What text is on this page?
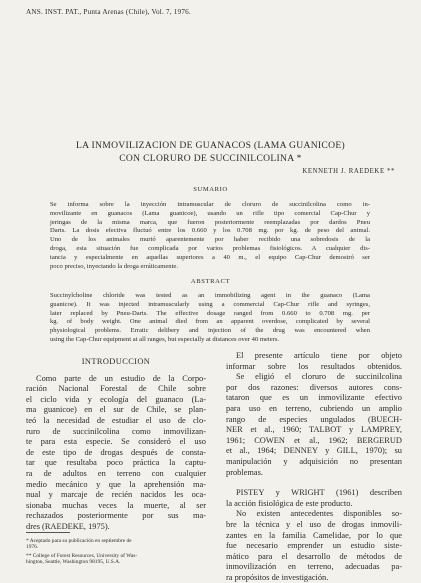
ANS. INST. PAT., Punta Arenas (Chile), Vol. 7, 1976.
LA INMOVILIZACION DE GUANACOS (LAMA GUANICOE)
CON CLORURO DE SUCCINILCOLINA *
KENNETH J. RAEDEKE **
SUMARIO
Se informa sobre la inyección intramuscular de cloruro de succinilcolina como in-
movilizante en guanacos (Lama guanicoe), usando un rifle tipo comercial Cap-Chur y
jeringas de la misma marca, que fueron posteriormente reemplazadas por dardos Pneu
Darts. La dosis efectiva fluctuó entre los 0.660 y los 0.708 mg. por kg. de peso del animal.
Uno de los animales murió aparentemente por haber recibido una sobredosis de la
droga, esta situación fue complicada por varios problemas fisiológicos. A cualquier dis-
tancia y especialmente en aquellas superiores a 40 m., el equipo Cap-Chur demostró ser
poco preciso, inyectando la droga erráticamente.
ABSTRACT
Succinylcholine chloride was tested as an immobilizing agent in the guanaco (Lama
guanicoe). It was injected intramuscularly using a commercial Cap-Chur rifle and syringes,
later replaced by Pneu-Darts. The effective dosage ranged from 0.660 to 0.708 mg. per
kg. of body weight. One animal died from an apparent overdose, complicated by several
physiological problems. Erratic delibery and injection of the drug was encountered when
using the Cap-Chur equipment at all ranges, but especially at distances over 40 meters.
INTRODUCCION
Como parte de un estudio de la Corpo-
ración Nacional Forestal de Chile sobre
el ciclo vida y ecología del guanaco (La-
ma guanicoe) en el sur de Chile, se plan-
teó la necesidad de estudiar el uso de clo-
ruro de succinilcolina como inmovilizan-
te para esta especie. Se consideró el uso
de este tipo de drogas después de consta-
tar que resultaba poco práctica la captu-
ra de adultos en terreno con cualquier
medio mecánico y que la aprehensión ma-
nual y marcaje de recién nacidos les oca-
sionaba muchas veces la muerte, al ser
rechazados posteriormente por sus ma-
dres (RAEDEKE, 1975).
El presente artículo tiene por objeto
informar sobre los resultados obtenidos.
Se eligió el cloruro de succinilcolina
por dos razones: diversos autores cons-
tataron que es un inmovilizante efectivo
para uso en terreno, cubriendo un amplio
rango de especies ungulados (BUECH-
NER et al., 1960; TALBOT y LAMPREY,
1961; COWEN et al., 1962; BERGERUD
et al., 1964; DENNEY y GILL, 1970); su
manipulación y adquisición no presentan
problemas.
PISTEY y WRIGHT (1961) describen
la acción fisiológica de este producto.
No existen antecedentes disponibles so-
bre la técnica y el uso de drogas inmovili-
zantes en la familia Camelidae, por lo que
fue necesario emprender un estudio siste-
mático para el desarrollo de métodos de
inmovilización en terreno, adecuadas pa-
ra propósitos de investigación.
* Aceptado para su publicación en septiembre de
1976.
** College of Forest Resources, University of Was-
hington, Seattle, Washington 98195, U.S.A.
